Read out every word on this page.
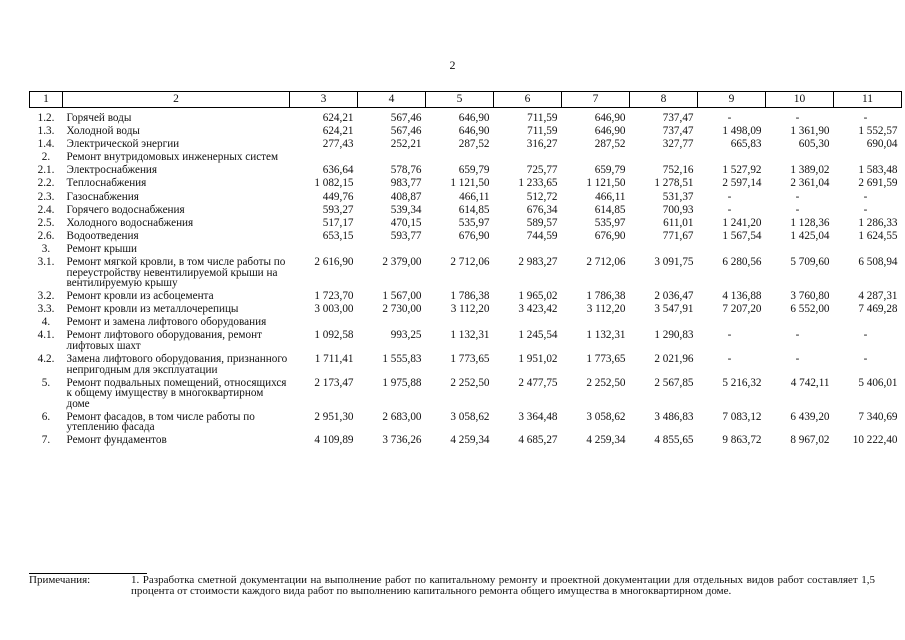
2
1	2	3	4	5	6	7	8	9	10	11
1.2.	Горячей воды	624,21	567,46	646,90	711,59	646,90	737,47	-	-	-
1.3.	Холодной воды	624,21	567,46	646,90	711,59	646,90	737,47	1 498,09	1 361,90	1 552,57
1.4.	Электрической энергии	277,43	252,21	287,52	316,27	287,52	327,77	665,83	605,30	690,04
2.	Ремонт внутридомовых инженерных систем									
2.1.	Электроснабжения	636,64	578,76	659,79	725,77	659,79	752,16	1 527,92	1 389,02	1 583,48
2.2.	Теплоснабжения	1 082,15	983,77	1 121,50	1 233,65	1 121,50	1 278,51	2 597,14	2 361,04	2 691,59
2.3.	Газоснабжения	449,76	408,87	466,11	512,72	466,11	531,37	-	-	-
2.4.	Горячего водоснабжения	593,27	539,34	614,85	676,34	614,85	700,93	-	-	-
2.5.	Холодного водоснабжения	517,17	470,15	535,97	589,57	535,97	611,01	1 241,20	1 128,36	1 286,33
2.6.	Водоотведения	653,15	593,77	676,90	744,59	676,90	771,67	1 567,54	1 425,04	1 624,55
3.	Ремонт крыши									
3.1.	Ремонт мягкой кровли, в том числе работы по переустройству невентилируемой крыши на вентилируемую крышу	2 616,90	2 379,00	2 712,06	2 983,27	2 712,06	3 091,75	6 280,56	5 709,60	6 508,94
3.2.	Ремонт кровли из асбоцемента	1 723,70	1 567,00	1 786,38	1 965,02	1 786,38	2 036,47	4 136,88	3 760,80	4 287,31
3.3.	Ремонт кровли из металлочерепицы	3 003,00	2 730,00	3 112,20	3 423,42	3 112,20	3 547,91	7 207,20	6 552,00	7 469,28
4.	Ремонт и замена лифтового оборудования									
4.1.	Ремонт лифтового оборудования, ремонт лифтовых шахт	1 092,58	993,25	1 132,31	1 245,54	1 132,31	1 290,83	-	-	-
4.2.	Замена лифтового оборудования, признанного непригодным для эксплуатации	1 711,41	1 555,83	1 773,65	1 951,02	1 773,65	2 021,96	-	-	-
5.	Ремонт подвальных помещений, относящихся к общему имуществу в многоквартирном доме	2 173,47	1 975,88	2 252,50	2 477,75	2 252,50	2 567,85	5 216,32	4 742,11	5 406,01
6.	Ремонт фасадов, в том числе работы по утеплению фасада	2 951,30	2 683,00	3 058,62	3 364,48	3 058,62	3 486,83	7 083,12	6 439,20	7 340,69
7.	Ремонт фундаментов	4 109,89	3 736,26	4 259,34	4 685,27	4 259,34	4 855,65	9 863,72	8 967,02	10 222,40
Примечания:	1. Разработка сметной документации на выполнение работ по капитальному ремонту и проектной документации для отдельных видов работ составляет 1,5 процента от стоимости каждого вида работ по выполнению капитального ремонта общего имущества в многоквартирном доме.
